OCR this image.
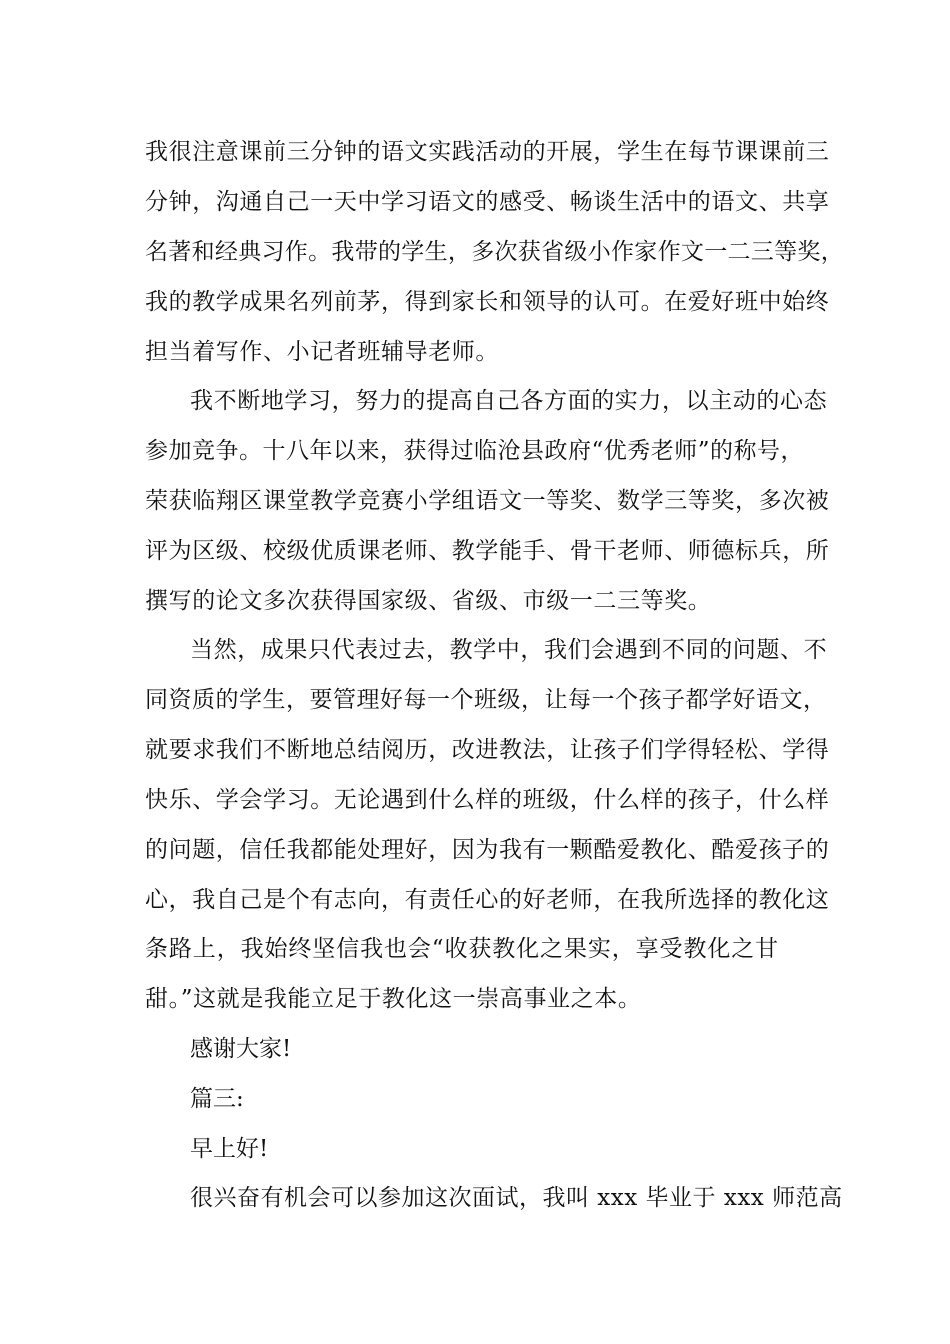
我很注意课前三分钟的语文实践活动的开展，学生在每节课课前三
分钟，沟通自己一天中学习语文的感受、畅谈生活中的语文、共享
名著和经典习作。我带的学生，多次获省级小作家作文一二三等奖，
我的教学成果名列前茅，得到家长和领导的认可。在爱好班中始终
担当着写作、小记者班辅导老师。
我不断地学习，努力的提高自己各方面的实力，以主动的心态
参加竞争。十八年以来，获得过临沧县政府“优秀老师”的称号，
荣获临翔区课堂教学竞赛小学组语文一等奖、数学三等奖，多次被
评为区级、校级优质课老师、教学能手、骨干老师、师德标兵，所
撰写的论文多次获得国家级、省级、市级一二三等奖。
当然，成果只代表过去，教学中，我们会遇到不同的问题、不
同资质的学生，要管理好每一个班级，让每一个孩子都学好语文，
就要求我们不断地总结阅历，改进教法，让孩子们学得轻松、学得
快乐、学会学习。无论遇到什么样的班级，什么样的孩子，什么样
的问题，信任我都能处理好，因为我有一颗酷爱教化、酷爱孩子的
心，我自己是个有志向，有责任心的好老师，在我所选择的教化这
条路上，我始终坚信我也会“收获教化之果实，享受教化之甘
甜。”这就是我能立足于教化这一崇高事业之本。
感谢大家!
篇三:
早上好!
很兴奋有机会可以参加这次面试，我叫 xxx 毕业于 xxx 师范高
